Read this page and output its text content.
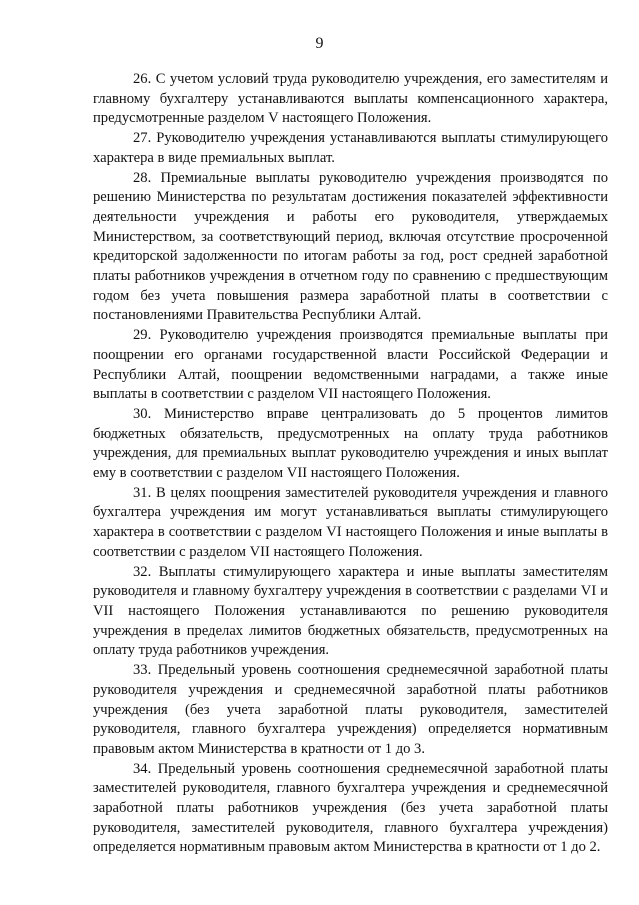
9

26. С учетом условий труда руководителю учреждения, его заместителям и главному бухгалтеру устанавливаются выплаты компенсационного характера, предусмотренные разделом V настоящего Положения.

27. Руководителю учреждения устанавливаются выплаты стимулирующего характера в виде премиальных выплат.

28. Премиальные выплаты руководителю учреждения производятся по решению Министерства по результатам достижения показателей эффективности деятельности учреждения и работы его руководителя, утверждаемых Министерством, за соответствующий период, включая отсутствие просроченной кредиторской задолженности по итогам работы за год, рост средней заработной платы работников учреждения в отчетном году по сравнению с предшествующим годом без учета повышения размера заработной платы в соответствии с постановлениями Правительства Республики Алтай.

29. Руководителю учреждения производятся премиальные выплаты при поощрении его органами государственной власти Российской Федерации и Республики Алтай, поощрении ведомственными наградами, а также иные выплаты в соответствии с разделом VII настоящего Положения.

30. Министерство вправе централизовать до 5 процентов лимитов бюджетных обязательств, предусмотренных на оплату труда работников учреждения, для премиальных выплат руководителю учреждения и иных выплат ему в соответствии с разделом VII настоящего Положения.

31. В целях поощрения заместителей руководителя учреждения и главного бухгалтера учреждения им могут устанавливаться выплаты стимулирующего характера в соответствии с разделом VI настоящего Положения и иные выплаты в соответствии с разделом VII настоящего Положения.

32. Выплаты стимулирующего характера и иные выплаты заместителям руководителя и главному бухгалтеру учреждения в соответствии с разделами VI и VII настоящего Положения устанавливаются по решению руководителя учреждения в пределах лимитов бюджетных обязательств, предусмотренных на оплату труда работников учреждения.

33. Предельный уровень соотношения среднемесячной заработной платы руководителя учреждения и среднемесячной заработной платы работников учреждения (без учета заработной платы руководителя, заместителей руководителя, главного бухгалтера учреждения) определяется нормативным правовым актом Министерства в кратности от 1 до 3.

34. Предельный уровень соотношения среднемесячной заработной платы заместителей руководителя, главного бухгалтера учреждения и среднемесячной заработной платы работников учреждения (без учета заработной платы руководителя, заместителей руководителя, главного бухгалтера учреждения) определяется нормативным правовым актом Министерства в кратности от 1 до 2.
